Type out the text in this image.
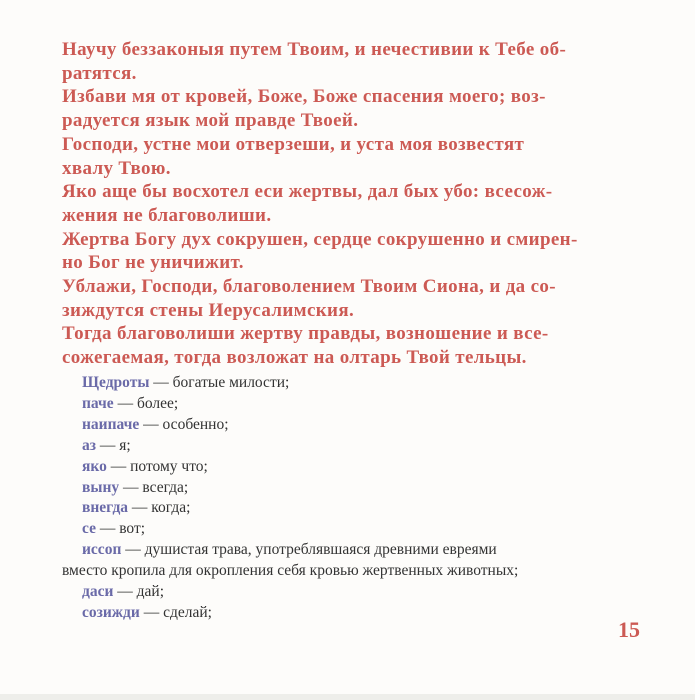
Научу беззаконыя путем Твоим, и нечестивии к Тебе об-
ратятся.
Избави мя от кровей, Боже, Боже спасения моего; воз-
радуется язык мой правде Твоей.
Господи, устне мои отверзеши, и уста моя возвестят
хвалу Твою.
Яко аще бы восхотел еси жертвы, дал бых убо: всесож-
жения не благоволиши.
Жертва Богу дух сокрушен, сердце сокрушенно и смирен-
но Бог не уничижит.
Ублажи, Господи, благоволением Твоим Сиона, и да со-
зиждутся стены Иерусалимския.
Тогда благоволиши жертву правды, возношение и все-
сожегаемая, тогда возложат на олтарь Твой тельцы.
Щедроты — богатые милости;
паче — более;
наипаче — особенно;
аз — я;
яко — потому что;
выну — всегда;
внегда — когда;
се — вот;
иссоп — душистая трава, употреблявшаяся древними евреями
вместо кропила для окропления себя кровью жертвенных животных;
даси — дай;
созижди — сделай;
15
